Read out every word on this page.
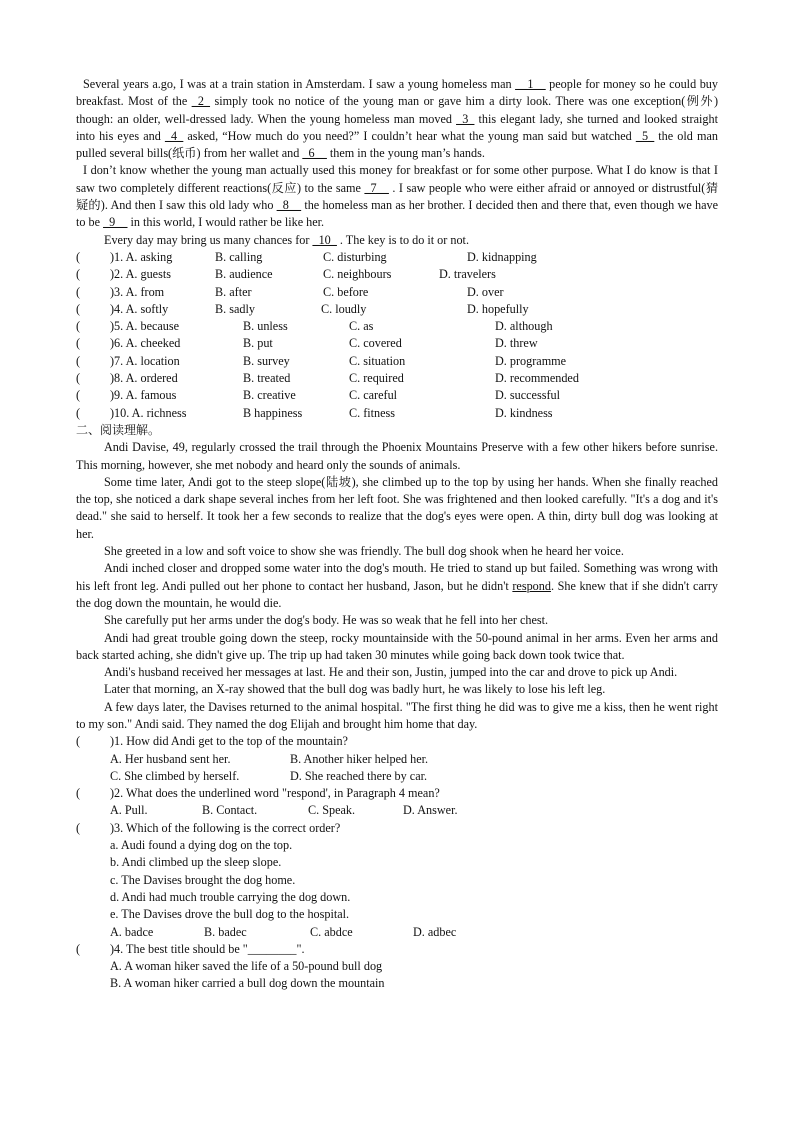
Several years a.go, I was at a train station in Amsterdam. I saw a young homeless man __1__ people for money so he could buy breakfast. Most of the _2_ simply took no notice of the young man or gave him a dirty look. There was one exception(例外) though: an older, well-dressed lady. When the young homeless man moved _3_ this elegant lady, she turned and looked straight into his eyes and _4_ asked, “How much do you need?” I couldn’t hear what the young man said but watched _5_ the old man pulled several bills(纸币) from her wallet and _6__ them in the young man’s hands.

I don’t know whether the young man actually used this money for breakfast or for some other purpose. What I do know is that I saw two completely different reactions(反应) to the same _7__ . I saw people who were either afraid or annoyed or distrustful(猜疑的). And then I saw this old lady who _8__ the homeless man as her brother. I decided then and there that, even though we have to be _9__ in this world, I would rather be like her.

Every day may bring us many chances for _10_ . The key is to do it or not.

(	)1. A. asking	B. calling	C. disturbing	D. kidnapping
(	)2. A. guests	B. audience	C. neighbours	D. travelers
(	)3. A. from	B. after	C. before	D. over
(	)4. A. softly	B. sadly	C. loudly	D. hopefully
(	)5. A. because	B. unless	C. as	D. although
(	)6. A. cheeked	B. put	C. covered	D. threw
(	)7. A. location	B. survey	C. situation	D. programme
(	)8. A. ordered	B. treated	C. required	D. recommended
(	)9. A. famous	B. creative	C. careful	D. successful
(	)10. A. richness	B happiness	C. fitness	D. kindness

二、阅读理解。

Andi Davise, 49, regularly crossed the trail through the Phoenix Mountains Preserve with a few other hikers before sunrise. This morning, however, she met nobody and heard only the sounds of animals.

Some time later, Andi got to the steep slope(陆坡), she climbed up to the top by using her hands. When she finally reached the top, she noticed a dark shape several inches from her left foot. She was frightened and then looked carefully. "It's a dog and it's dead." she said to herself. It took her a few seconds to realize that the dog's eyes were open. A thin, dirty bull dog was looking at her.

She greeted in a low and soft voice to show she was friendly. The bull dog shook when he heard her voice.

Andi inched closer and dropped some water into the dog's mouth. He tried to stand up but failed. Something was wrong with his left front leg. Andi pulled out her phone to contact her husband, Jason, but he didn't respond. She knew that if she didn't carry the dog down the mountain, he would die.

She carefully put her arms under the dog's body. He was so weak that he fell into her chest.

Andi had great trouble going down the steep, rocky mountainside with the 50-pound animal in her arms. Even her arms and back started aching, she didn't give up. The trip up had taken 30 minutes while going back down took twice that.

Andi's husband received her messages at last. He and their son, Justin, jumped into the car and drove to pick up Andi.

Later that morning, an X-ray showed that the bull dog was badly hurt, he was likely to lose his left leg.

A few days later, the Davises returned to the animal hospital. "The first thing he did was to give me a kiss, then he went right to my son." Andi said. They named the dog Elijah and brought him home that day.

(	)1. How did Andi get to the top of the mountain?
A. Her husband sent her.	B. Another hiker helped her.
C. She climbed by herself.	D. She reached there by car.
(	)2. What does the underlined word "respond', in Paragraph 4 mean?
A. Pull.	B. Contact.	C. Speak.	D. Answer.
(	)3. Which of the following is the correct order?

a. Audi found a dying dog on the top.

b. Andi climbed up the sleep slope.

c. The Davises brought the dog home.

d. Andi had much trouble carrying the dog down.

e. The Davises drove the bull dog to the hospital.

A. badce	B. badec	C. abdce	D. adbec
(	)4. The best title should be "________".

A. A woman hiker saved the life of a 50-pound bull dog

B. A woman hiker carried a bull dog down the mountain
